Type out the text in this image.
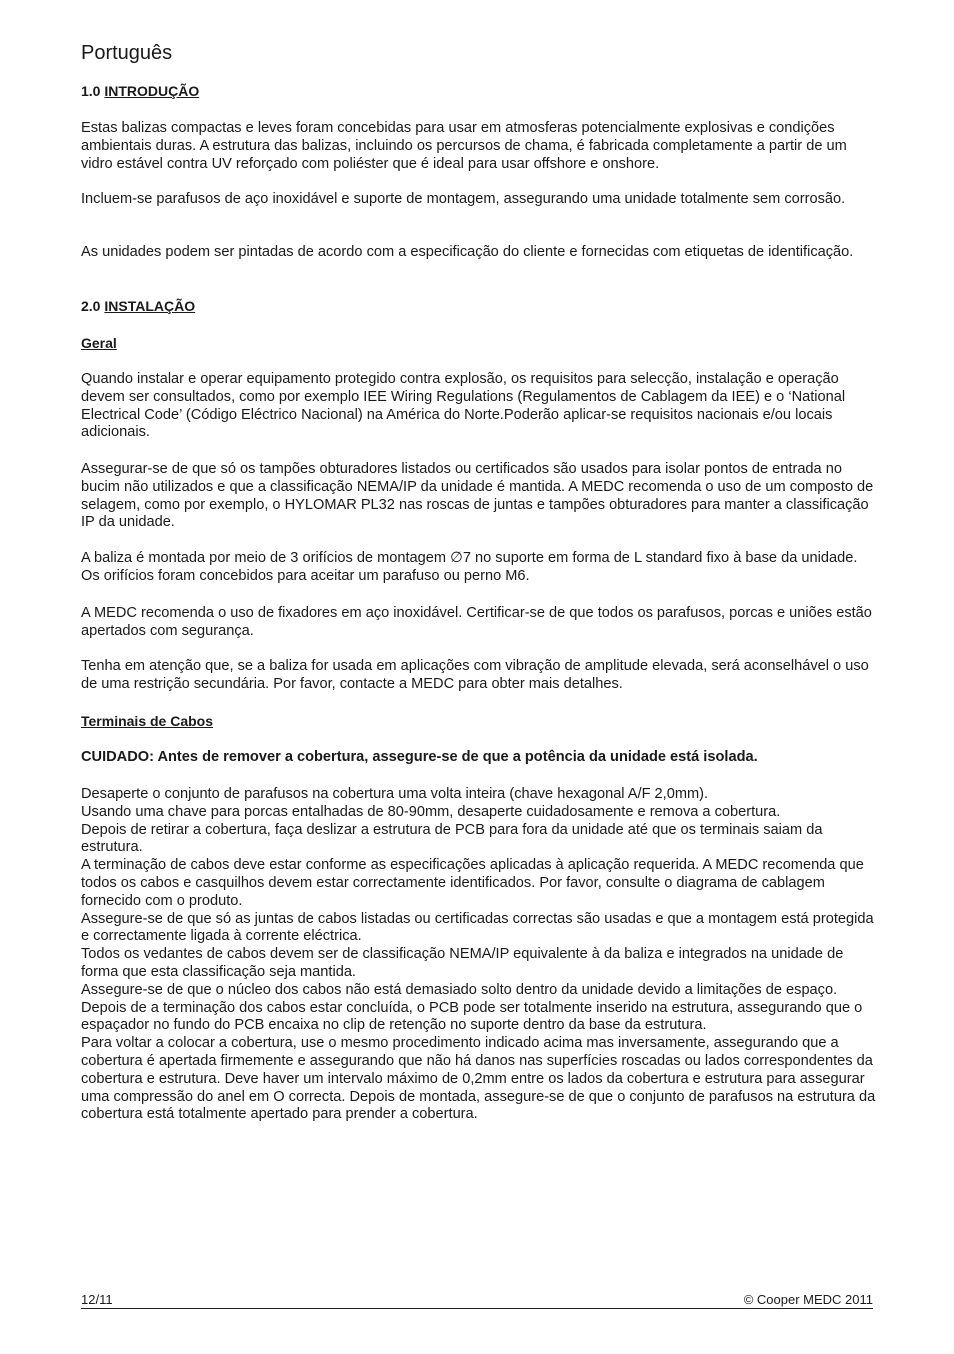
Português
1.0 INTRODUÇÃO

Estas balizas compactas e leves foram concebidas para usar em atmosferas potencialmente explosivas e condições ambientais duras. A estrutura das balizas, incluindo os percursos de chama, é fabricada completamente a partir de um vidro estável contra UV reforçado com poliéster que é ideal para usar offshore e onshore.

Incluem-se parafusos de aço inoxidável e suporte de montagem, assegurando uma unidade totalmente sem corrosão.

As unidades podem ser pintadas de acordo com a especificação do cliente e fornecidas com etiquetas de identificação.

2.0 INSTALAÇÃO
Geral

Quando instalar e operar equipamento protegido contra explosão, os requisitos para selecção, instalação e operação devem ser consultados, como por exemplo IEE Wiring Regulations (Regulamentos de Cablagem da IEE) e o ‘National Electrical Code’ (Código Eléctrico Nacional) na América do Norte.Poderão aplicar-se requisitos nacionais e/ou locais adicionais.

Assegurar-se de que só os tampões obturadores listados ou certificados são usados para isolar pontos de entrada no bucim não utilizados e que a classificação NEMA/IP da unidade é mantida. A MEDC recomenda o uso de um composto de selagem, como por exemplo, o HYLOMAR PL32 nas roscas de juntas e tampões obturadores para manter a classificação IP da unidade.

A baliza é montada por meio de 3 orifícios de montagem ∅7 no suporte em forma de L standard fixo à base da unidade. Os orifícios foram concebidos para aceitar um parafuso ou perno M6.

A MEDC recomenda o uso de fixadores em aço inoxidável. Certificar-se de que todos os parafusos, porcas e uniões estão apertados com segurança.

Tenha em atenção que, se a baliza for usada em aplicações com vibração de amplitude elevada, será aconselhável o uso de uma restrição secundária. Por favor, contacte a MEDC para obter mais detalhes.

Terminais de Cabos

CUIDADO: Antes de remover a cobertura, assegure-se de que a potência da unidade está isolada.

Desaperte o conjunto de parafusos na cobertura uma volta inteira (chave hexagonal A/F 2,0mm).
Usando uma chave para porcas entalhadas de 80-90mm, desaperte cuidadosamente e remova a cobertura.
Depois de retirar a cobertura, faça deslizar a estrutura de PCB para fora da unidade até que os terminais saiam da estrutura.
A terminação de cabos deve estar conforme as especificações aplicadas à aplicação requerida. A MEDC recomenda que todos os cabos e casquilhos devem estar correctamente identificados. Por favor, consulte o diagrama de cablagem fornecido com o produto.
Assegure-se de que só as juntas de cabos listadas ou certificadas correctas são usadas e que a montagem está protegida e correctamente ligada à corrente eléctrica.
Todos os vedantes de cabos devem ser de classificação NEMA/IP equivalente à da baliza e integrados na unidade de forma que esta classificação seja mantida.
Assegure-se de que o núcleo dos cabos não está demasiado solto dentro da unidade devido a limitações de espaço.
Depois de a terminação dos cabos estar concluída, o PCB pode ser totalmente inserido na estrutura, assegurando que o espaçador no fundo do PCB encaixa no clip de retenção no suporte dentro da base da estrutura.
Para voltar a colocar a cobertura, use o mesmo procedimento indicado acima mas inversamente, assegurando que a cobertura é apertada firmemente e assegurando que não há danos nas superfícies roscadas ou lados correspondentes da cobertura e estrutura. Deve haver um intervalo máximo de 0,2mm entre os lados da cobertura e estrutura para assegurar uma compressão do anel em O correcta. Depois de montada, assegure-se de que o conjunto de parafusos na estrutura da cobertura está totalmente apertado para prender a cobertura.
12/11	© Cooper MEDC 2011
